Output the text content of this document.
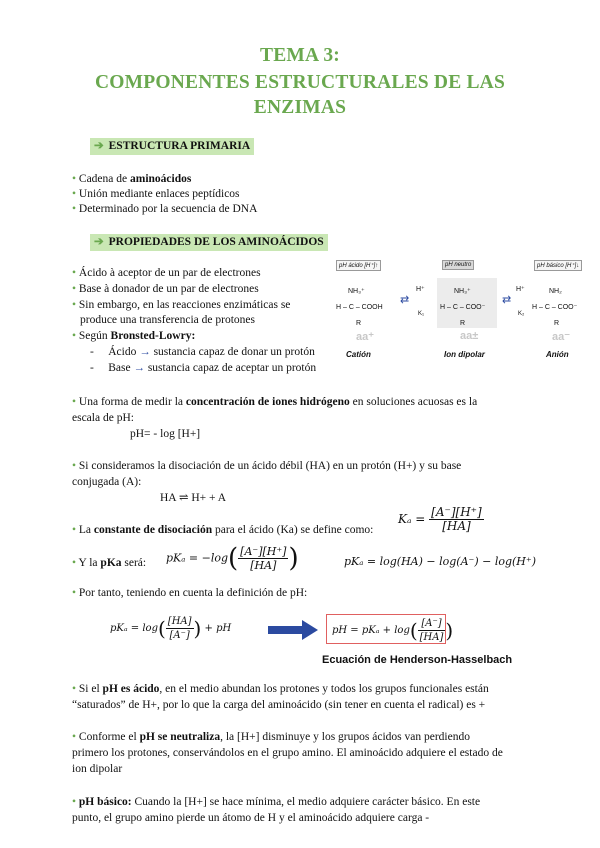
TEMA 3:
COMPONENTES ESTRUCTURALES DE LAS
ENZIMAS
➔ ESTRUCTURA PRIMARIA
• Cadena de aminoácidos
• Unión mediante enlaces peptídicos
• Determinado por la secuencia de DNA
➔ PROPIEDADES DE LOS AMINOÁCIDOS
• Ácido à aceptor de un par de electrones
• Base à donador de un par de electrones
• Sin embargo, en las reacciones enzimáticas se
produce una transferencia de protones
• Según Bronsted-Lowry:
-     Ácido → sustancia capaz de donar un protón
-     Base → sustancia capaz de aceptar un protón
pH ácido [H⁺]↑	pH neutro	pH básico [H⁺]↓
NH₃⁺
H – C – COOH
R
H⁺
⇄
K₁
NH₃⁺
H – C – COO⁻
R
H⁺
⇄
K₂
NH₂
H – C – COO⁻
R
aa⁺	aa±	aa⁻
Catión	Ion dipolar	Anión
• Una forma de medir la concentración de iones hidrógeno en soluciones acuosas es la
escala de pH:
pH= - log [H+]
• Si consideramos la disociación de un ácido débil (HA) en un protón (H+) y su base
conjugada (A):
HA ⇌ H+ + A
• La constante de disociación para el ácido (Ka) se define como:
$K_a = \frac{[A^-][H^+]}{[HA]}$
• Y la pKa será: $pK_a = -\log( \frac{[A^-][H^+]}{[HA]}$ )	pKₐ = log(HA) − log(A⁻) − log(H⁺)
• Por tanto, teniendo en cuenta la definición de pH:
$pK_a = \log( \frac{[HA]}{[A^-]}$ ) + pH	pH = $pK_a + \log( \frac{[A^-]}{[HA]}$ )
Ecuación de Henderson-Hasselbach
• Si el pH es ácido, en el medio abundan los protones y todos los grupos funcionales están
“saturados” de H+, por lo que la carga del aminoácido (sin tener en cuenta el radical) es +
• Conforme el pH se neutraliza, la [H+] disminuye y los grupos ácidos van perdiendo
primero los protones, conservándolos en el grupo amino. El aminoácido adquiere el estado de
ion dipolar
• pH básico: Cuando la [H+] se hace mínima, el medio adquiere carácter básico. En este
punto, el grupo amino pierde un átomo de H y el aminoácido adquiere carga -
